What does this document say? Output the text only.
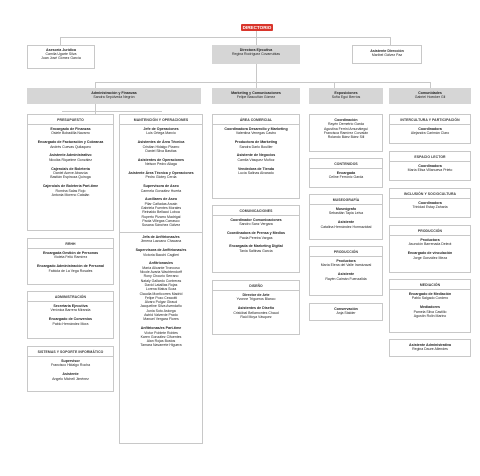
DIRECTORIO

Asesoría Jurídica

Camila Ugarte Silva

Juan José Gómez García

Directora Ejecutiva

Regina Rodríguez Covarrubias

Asistente Dirección

Maribel Gálvez Paz

Administración y Finanzas

Sandra Sepúlveda Negrón

Marketing y Comunicaciones

Felipe Bascuñán Gómez

Exposiciones

Sofía Eguí Berríos

Comunidades

Gabriel Hoecker Gil

PRESUPUESTO

Encargado de Finanzas

Osiele Bobadilla Navarro

Encargado de Facturación y Cobranza

Andrés Cuevas Quilaqueo

Asistente Administrativo

Nicolás Riquelme González

Cajero/a/s de Boletería

Daniel Aceve Abarzúa

Bastián Espinoza Quiroga

Cajero/a/s de Boletería Part-time

Romina Salas Rojo

Antonia Moreno Catalán

RRHH

Encargada Gestión de Personas

Violeta Feliú Ramírez

Encargado Administración de Personal

Fabiola de La Vega Rosales

ADMINISTRACIÓN

Secretaria Ejecutiva

Verónica Barrera Miranda

Encargado de Convenios

Pablo Hernández Mora

SISTEMAS Y SOPORTE INFORMÁTICO

Supervisor

Francisco Hidalgo Rocha

Asistente

Angelo Michell Jiménez

MANTENCIÓN Y OPERACIONES

Jefe de Operaciones

Luis Ortega Marcio

Asistentes de Área Técnica

Cristian Hidalgo Pizarro

Daniel Silva Bastías

Asistentes de Operaciones

Nelson Pedro Aliaga

Asistente Área Técnica y Operaciones

Pedro Glotey Cerda

Supervisora de Aseo

Carmela González Huerta

Auxiliares de Aseo

Pilar Cañadas Arcain

Gabriela Fuentes Morales

Reinaldo Bellacci Loboa

Ruperto Pizarro Madrigal

Paola Villegas Carrasco

Susana Sánchez Gálvez

Jefa de Anfitrionas/es

Jimena Lazcano Chacana

Supervisora de Anfitrionas/es

Victoria Bacchi Caglieri

Anfitrionas/es

María Alicante Troncoso

Nicole Avaria Wachtendorff

Rony Chourio Serrano

Nataly Gallardo Contreras

David Lataillas Rojas

Lorena Matus Soza

Claudia Monticorres Madrid

Felipe Pozo Ceacotti

Álvaro Pulgar Giraud

Jacqueline Silva Avendaño

Junia Soto Astorga

Astrid Valverde Prado

Manuel Vergara Flores

Anfitrionas/es Part-time

Víctor Poblete Robles

Karen González Cifuentes

Alan Rojas Bustos

Tamara Navarrete Higuera

ÁREA COMERCIAL

Coordinadora Desarrollo y Marketing

Valentina Venegas Castro

Productora de Marketing

Sandra Darlo Bouiller

Asistente de Negocios

Camila Vásquez Muñoz

Vendedora de Tienda

Lucía Salinas Alvarado

COMUNICACIONES

Coordinador Comunicaciones

Sandro Sanz Vergara

Coordinadora de Prensa y Medios

Paola Pereira Vargas

Encargada de Marketing Digital

Tania Saltinas García

DISEÑO

Director de Arte

Yvonne Trigueros Blanco

Asistentes de Diseño

Cristóbal Bellamontes Chaud

Raúl Moya Vásquez

Coordinación

Rayén Demetrio Garda

Agustina Ferrini Amunátegui

Francisca Ramírez Corvalán

Rolando Báez Báez Sill

CONTENIDOS

Encargada

Celine Ferrónic Garda

MUSEOGRAFÍA

Museógrafo

Sebastián Tapia Leiva

Asistente

Catalina Hernández Hormazábal

PRODUCCIÓN

Productora

María Elena del Valle Irarrázaval

Asistente

Rayén Caimán Fuenzalida

Conservación

Anja Stalder

INTERCULTURA Y PARTICIPACIÓN

Coordinadora

Alejandra Carimán Claro

ESPACIO LECTOR

Coordinadora

María Elisa Villanueva Prieto

INCLUSIÓN Y SOCIOCULTURA

Coordinadora

Trinidad Estay Zaharia

PRODUCCIÓN

Productora

Asunción Barrenada Deleot

Encargado de vinculación

Jorge González Meza

MEDIACIÓN

Encargado de Mediación

Pablo Salgado Cordero

Mediadores

Pamela Silva Castillo

Agustín Rolin Marino

Asistente Administrativa

Regina Daure Allendes
